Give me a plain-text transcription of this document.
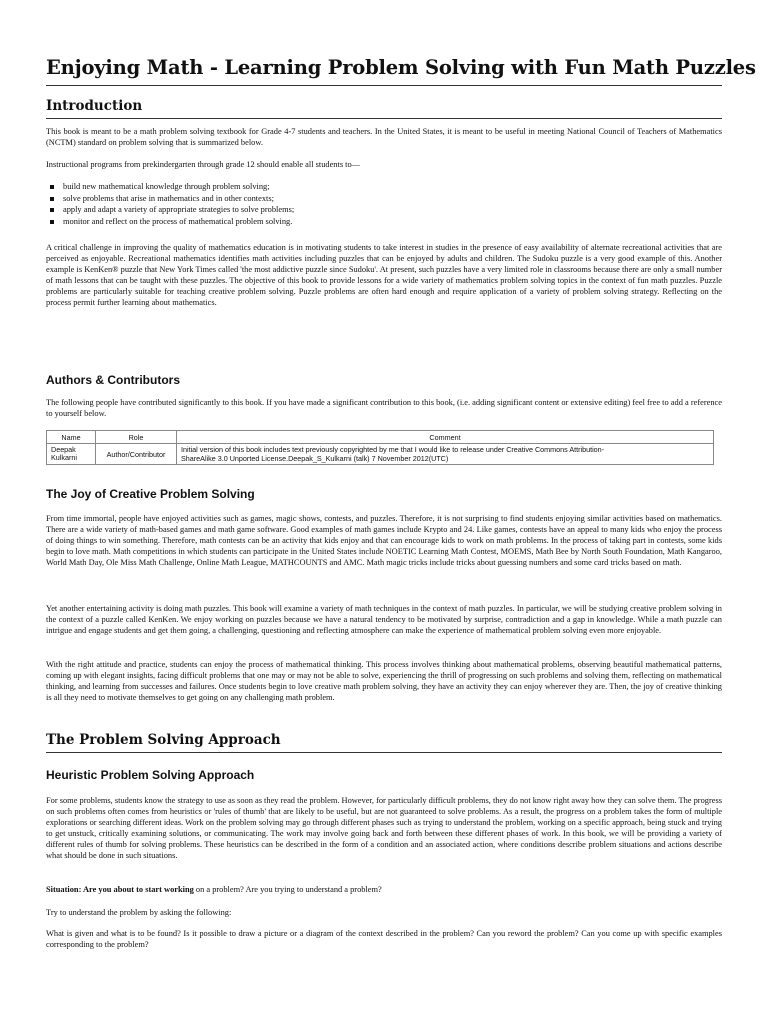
Enjoying Math - Learning Problem Solving with Fun Math Puzzles
Introduction

This book is meant to be a math problem solving textbook for Grade 4-7 students and teachers. In the United States, it is meant to be useful in meeting National Council of Teachers of Mathematics (NCTM) standard on problem solving that is summarized below.

Instructional programs from prekindergarten through grade 12 should enable all students to—

build new mathematical knowledge through problem solving;
solve problems that arise in mathematics and in other contexts;
apply and adapt a variety of appropriate strategies to solve problems;
monitor and reflect on the process of mathematical problem solving.

A critical challenge in improving the quality of mathematics education is in motivating students to take interest in studies in the presence of easy availability of alternate recreational activities that are perceived as enjoyable. Recreational mathematics identifies math activities including puzzles that can be enjoyed by adults and children. The Sudoku puzzle is a very good example of this. Another example is KenKen® puzzle that New York Times called 'the most addictive puzzle since Sudoku'. At present, such puzzles have a very limited role in classrooms because there are only a small number of math lessons that can be taught with these puzzles. The objective of this book to provide lessons for a wide variety of mathematics problem solving topics in the context of fun math puzzles. Puzzle problems are particularly suitable for teaching creative problem solving. Puzzle problems are often hard enough and require application of a variety of problem solving strategy. Reflecting on the process permit further learning about mathematics.

Authors & Contributors

The following people have contributed significantly to this book. If you have made a significant contribution to this book, (i.e. adding significant content or extensive editing) feel free to add a reference to yourself below.

Name	Role	Comment
Deepak
Kulkarni	Author/Contributor	Initial version of this book includes text previously copyrighted by me that I would like to release under Creative Commons Attribution-
ShareAlike 3.0 Unported License.Deepak_S_Kulkarni (talk) 7 November 2012(UTC)
The Joy of Creative Problem Solving

From time immortal, people have enjoyed activities such as games, magic shows, contests, and puzzles. Therefore, it is not surprising to find students enjoying similar activities based on mathematics. There are a wide variety of math-based games and math game software. Good examples of math games include Krypto and 24. Like games, contests have an appeal to many kids who enjoy the process of doing things to win something. Therefore, math contests can be an activity that kids enjoy and that can encourage kids to work on math problems. In the process of taking part in contests, some kids begin to love math. Math competitions in which students can participate in the United States include NOETIC Learning Math Contest, MOEMS, Math Bee by North South Foundation, Math Kangaroo, World Math Day, Ole Miss Math Challenge, Online Math League, MATHCOUNTS and AMC. Math magic tricks include tricks about guessing numbers and some card tricks based on math.

Yet another entertaining activity is doing math puzzles. This book will examine a variety of math techniques in the context of math puzzles. In particular, we will be studying creative problem solving in the context of a puzzle called KenKen. We enjoy working on puzzles because we have a natural tendency to be motivated by surprise, contradiction and a gap in knowledge. While a math puzzle can intrigue and engage students and get them going, a challenging, questioning and reflecting atmosphere can make the experience of mathematical problem solving even more enjoyable.

With the right attitude and practice, students can enjoy the process of mathematical thinking. This process involves thinking about mathematical problems, observing beautiful mathematical patterns, coming up with elegant insights, facing difficult problems that one may or may not be able to solve, experiencing the thrill of progressing on such problems and solving them, reflecting on mathematical thinking, and learning from successes and failures. Once students begin to love creative math problem solving, they have an activity they can enjoy wherever they are. Then, the joy of creative thinking is all they need to motivate themselves to get going on any challenging math problem.

The Problem Solving Approach
Heuristic Problem Solving Approach

For some problems, students know the strategy to use as soon as they read the problem. However, for particularly difficult problems, they do not know right away how they can solve them. The progress on such problems often comes from heuristics or 'rules of thumb' that are likely to be useful, but are not guaranteed to solve problems. As a result, the progress on a problem takes the form of multiple explorations or searching different ideas. Work on the problem solving may go through different phases such as trying to understand the problem, working on a specific approach, being stuck and trying to get unstuck, critically examining solutions, or communicating. The work may involve going back and forth between these different phases of work. In this book, we will be providing a variety of different rules of thumb for solving problems. These heuristics can be described in the form of a condition and an associated action, where conditions describe problem situations and actions describe what should be done in such situations.

Situation: Are you about to start working on a problem? Are you trying to understand a problem?

Try to understand the problem by asking the following:

What is given and what is to be found? Is it possible to draw a picture or a diagram of the context described in the problem? Can you reword the problem? Can you come up with specific examples corresponding to the problem?
